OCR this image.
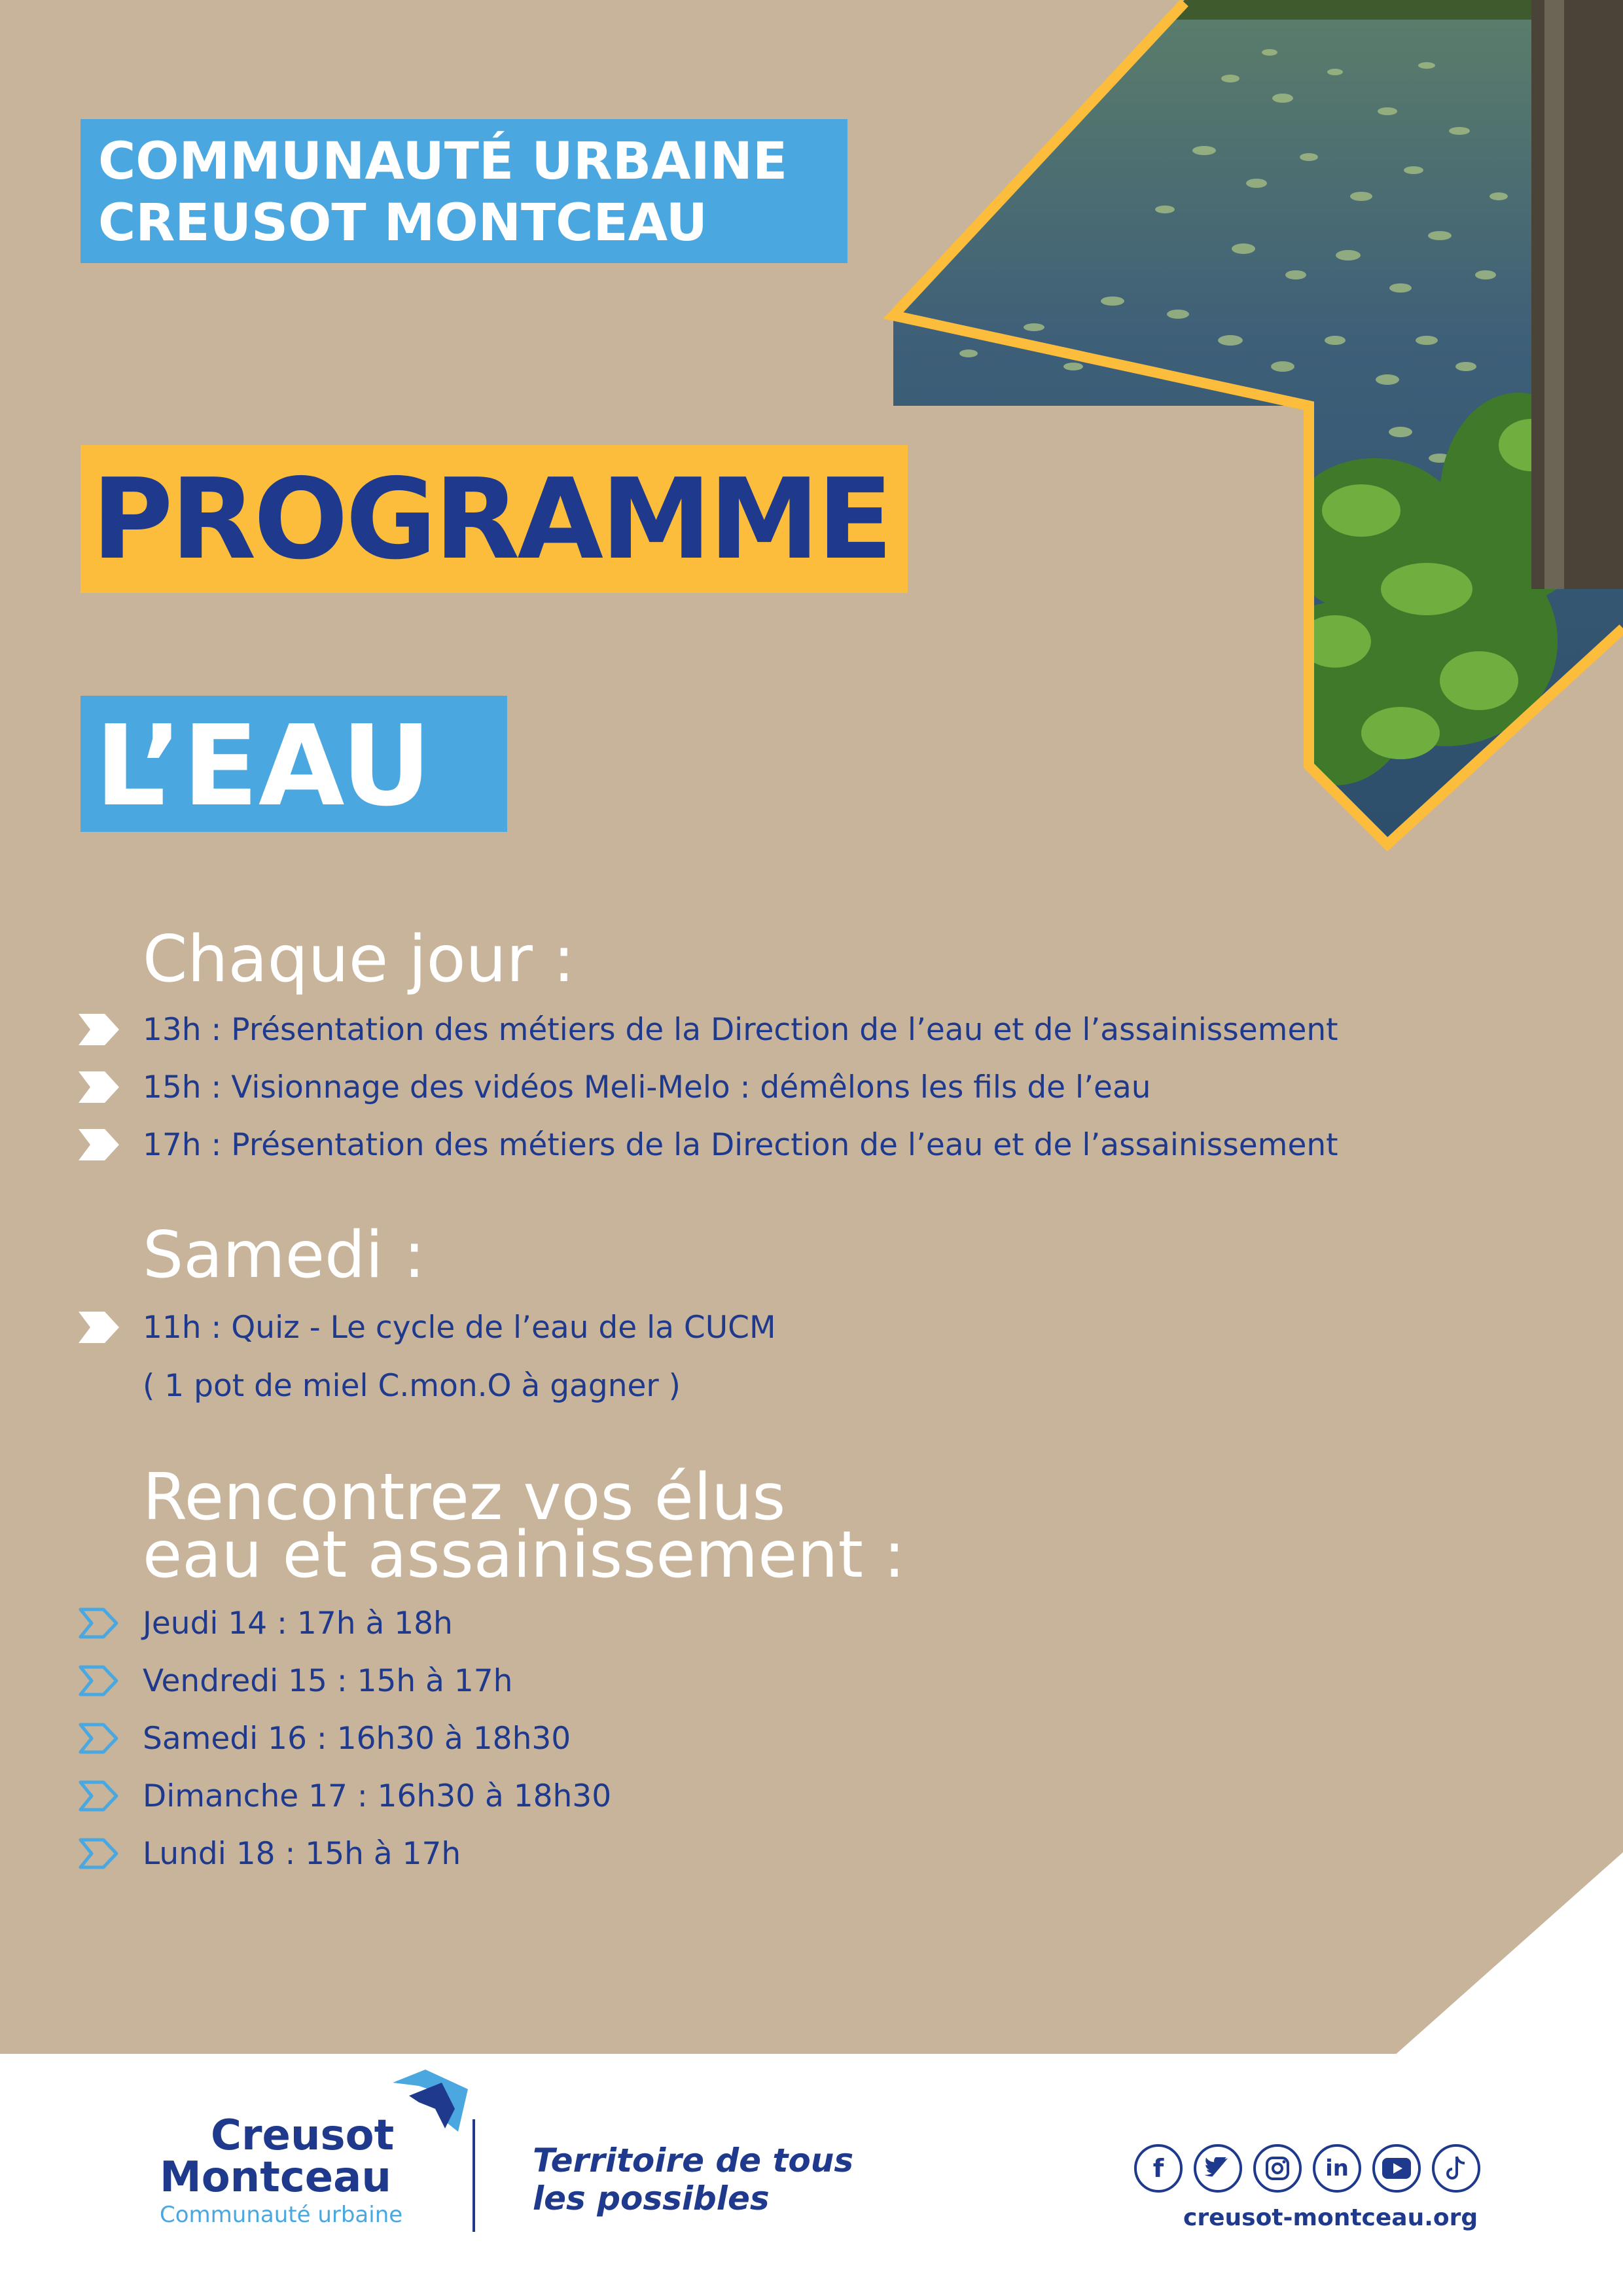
COMMUNAUTÉ URBAINE
CREUSOT MONTCEAU
PROGRAMME
L’EAU
Chaque jour :
13h : Présentation des métiers de la Direction de l’eau et de l’assainissement
15h : Visionnage des vidéos Meli-Melo : démêlons les fils de l’eau
17h : Présentation des métiers de la Direction de l’eau et de l’assainissement
Samedi :
11h : Quiz - Le cycle de l’eau de la CUCM
( 1 pot de miel C.mon.O à gagner )
Rencontrez vos élus
eau et assainissement :
Jeudi 14 : 17h à 18h
Vendredi 15 : 15h à 17h
Samedi 16 : 16h30 à 18h30
Dimanche 17 : 16h30 à 18h30
Lundi 18 : 15h à 17h
Creusot
Montceau
Communauté urbaine
Territoire de tous
les possibles
f	in
creusot-montceau.org
